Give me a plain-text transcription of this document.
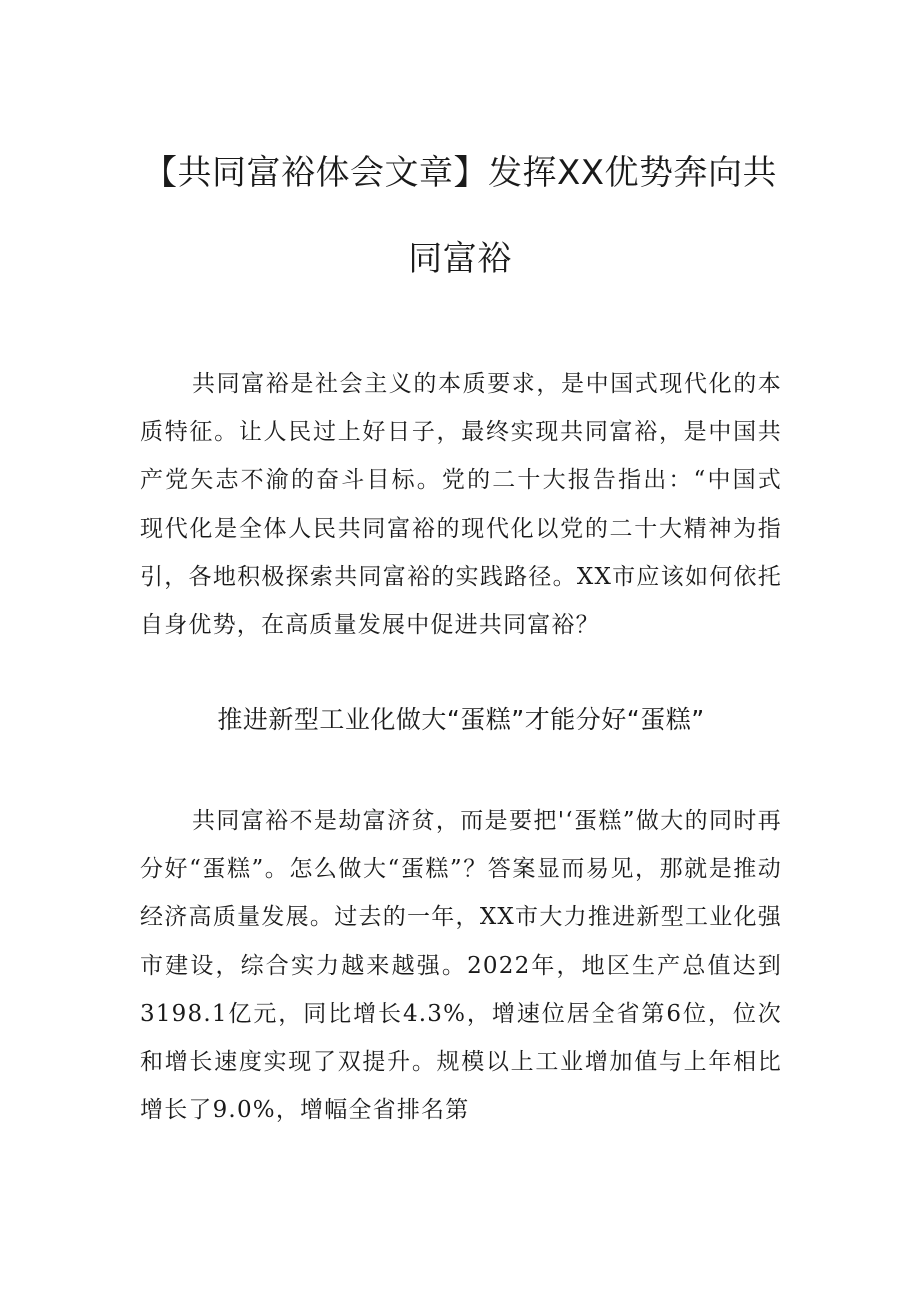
【共同富裕体会文章】发挥XX优势奔向共同富裕

共同富裕是社会主义的本质要求，是中国式现代化的本质特征。让人民过上好日子，最终实现共同富裕，是中国共产党矢志不渝的奋斗目标。党的二十大报告指出：“中国式现代化是全体人民共同富裕的现代化以党的二十大精神为指引，各地积极探索共同富裕的实践路径。XX市应该如何依托自身优势，在高质量发展中促进共同富裕？

推进新型工业化做大“蛋糕”才能分好“蛋糕”

共同富裕不是劫富济贫，而是要把'‘蛋糕”做大的同时再分好“蛋糕”。怎么做大“蛋糕”？答案显而易见，那就是推动经济高质量发展。过去的一年，XX市大力推进新型工业化强市建设，综合实力越来越强。2022年，地区生产总值达到3198.1亿元，同比增长4.3%，增速位居全省第6位，位次和增长速度实现了双提升。规模以上工业增加值与上年相比增长了9.0%，增幅全省排名第
